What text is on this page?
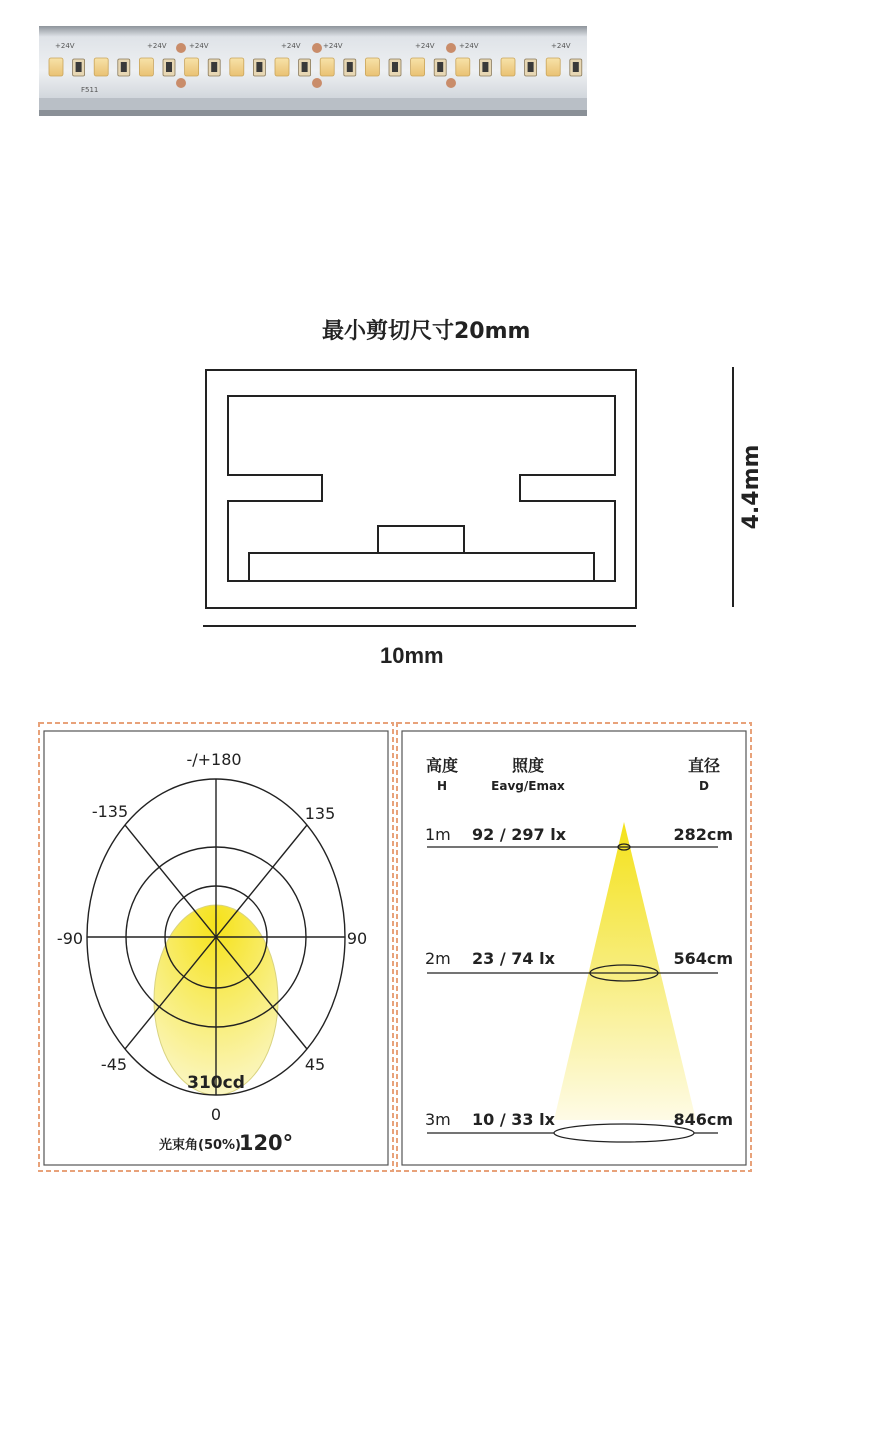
+24V	+24V	+24V	+24V	+24V	+24V	+24V	+24V
F511
最小剪切尺寸20mm
10mm
4.4mm
-/+180
-135	135
-90	90
-45	45
0
310cd
光束角(50%)
120°
高度
H
照度
Eavg/Emax
直径
D
1m 92 / 297 lx	282cm
2m 23 / 74 lx	564cm
3m 10 / 33 lx	846cm
